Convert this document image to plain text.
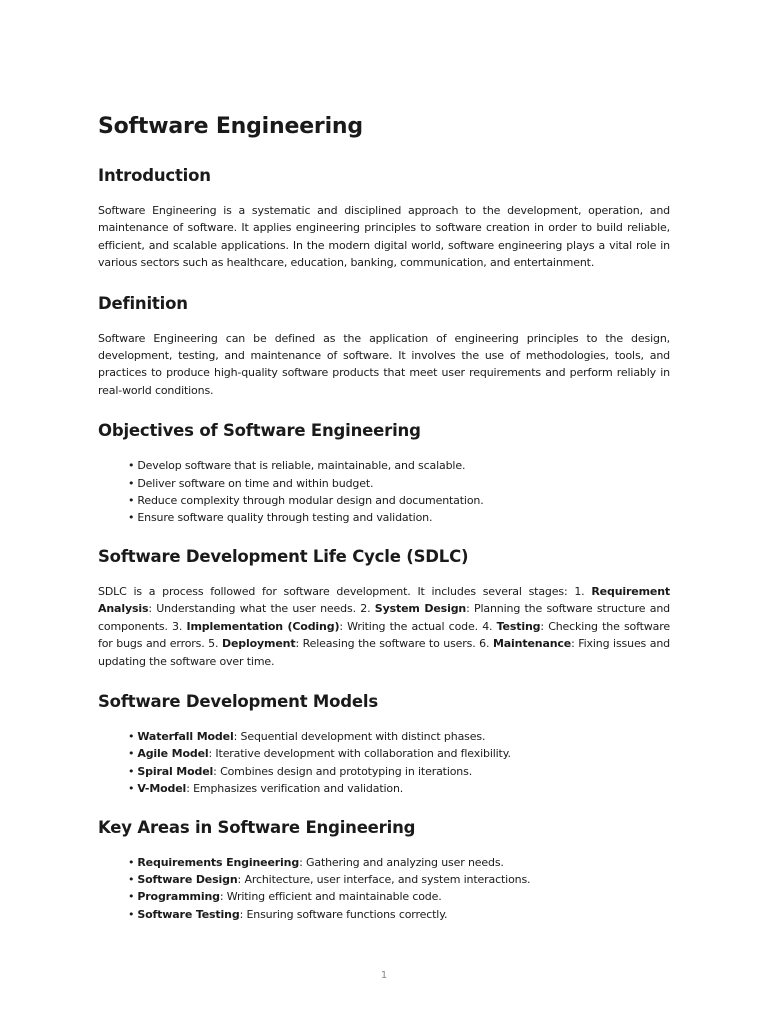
Software Engineering
Introduction

Software Engineering is a systematic and disciplined approach to the development, operation, and maintenance of software. It applies engineering principles to software creation in order to build reliable, efficient, and scalable applications. In the modern digital world, software engineering plays a vital role in various sectors such as healthcare, education, banking, communication, and entertainment.

Definition

Software Engineering can be defined as the application of engineering principles to the design, development, testing, and maintenance of software. It involves the use of methodologies, tools, and practices to produce high-quality software products that meet user requirements and perform reliably in real-world conditions.

Objectives of Software Engineering
• Develop software that is reliable, maintainable, and scalable.
• Deliver software on time and within budget.
• Reduce complexity through modular design and documentation.
• Ensure software quality through testing and validation.
Software Development Life Cycle (SDLC)

SDLC is a process followed for software development. It includes several stages: 1. Requirement Analysis: Understanding what the user needs. 2. System Design: Planning the software structure and components. 3. Implementation (Coding): Writing the actual code. 4. Testing: Checking the software for bugs and errors. 5. Deployment: Releasing the software to users. 6. Maintenance: Fixing issues and updating the software over time.

Software Development Models
• Waterfall Model: Sequential development with distinct phases.
• Agile Model: Iterative development with collaboration and flexibility.
• Spiral Model: Combines design and prototyping in iterations.
• V-Model: Emphasizes verification and validation.
Key Areas in Software Engineering
• Requirements Engineering: Gathering and analyzing user needs.
• Software Design: Architecture, user interface, and system interactions.
• Programming: Writing efficient and maintainable code.
• Software Testing: Ensuring software functions correctly.
1
